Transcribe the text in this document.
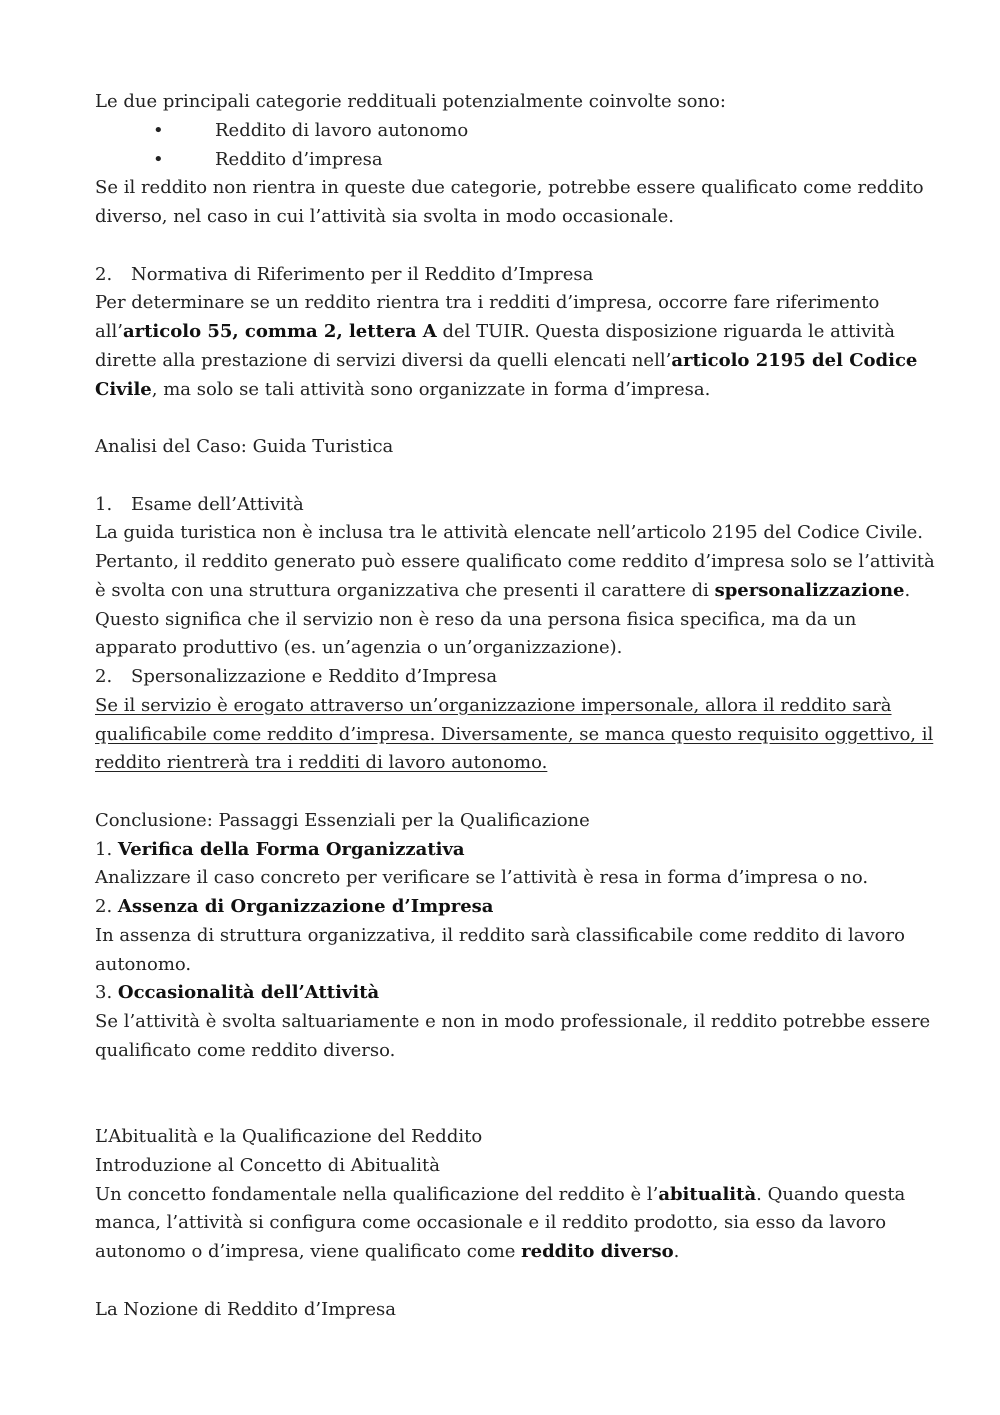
Le due principali categorie reddituali potenzialmente coinvolte sono:
•	Reddito di lavoro autonomo
•	Reddito d’impresa
Se il reddito non rientra in queste due categorie, potrebbe essere qualificato come reddito
diverso, nel caso in cui l’attività sia svolta in modo occasionale.
2. Normativa di Riferimento per il Reddito d’Impresa
Per determinare se un reddito rientra tra i redditi d’impresa, occorre fare riferimento
all’articolo 55, comma 2, lettera A del TUIR. Questa disposizione riguarda le attività
dirette alla prestazione di servizi diversi da quelli elencati nell’articolo 2195 del Codice
Civile, ma solo se tali attività sono organizzate in forma d’impresa.
Analisi del Caso: Guida Turistica
1. Esame dell’Attività
La guida turistica non è inclusa tra le attività elencate nell’articolo 2195 del Codice Civile.
Pertanto, il reddito generato può essere qualificato come reddito d’impresa solo se l’attività
è svolta con una struttura organizzativa che presenti il carattere di spersonalizzazione.
Questo significa che il servizio non è reso da una persona fisica specifica, ma da un
apparato produttivo (es. un’agenzia o un’organizzazione).
2. Spersonalizzazione e Reddito d’Impresa
Se il servizio è erogato attraverso un’organizzazione impersonale, allora il reddito sarà
qualificabile come reddito d’impresa. Diversamente, se manca questo requisito oggettivo, il
reddito rientrerà tra i redditi di lavoro autonomo.
Conclusione: Passaggi Essenziali per la Qualificazione
1. Verifica della Forma Organizzativa
Analizzare il caso concreto per verificare se l’attività è resa in forma d’impresa o no.
2. Assenza di Organizzazione d’Impresa
In assenza di struttura organizzativa, il reddito sarà classificabile come reddito di lavoro
autonomo.
3. Occasionalità dell’Attività
Se l’attività è svolta saltuariamente e non in modo professionale, il reddito potrebbe essere
qualificato come reddito diverso.
L’Abitualità e la Qualificazione del Reddito
Introduzione al Concetto di Abitualità
Un concetto fondamentale nella qualificazione del reddito è l’abitualità. Quando questa
manca, l’attività si configura come occasionale e il reddito prodotto, sia esso da lavoro
autonomo o d’impresa, viene qualificato come reddito diverso.
La Nozione di Reddito d’Impresa
